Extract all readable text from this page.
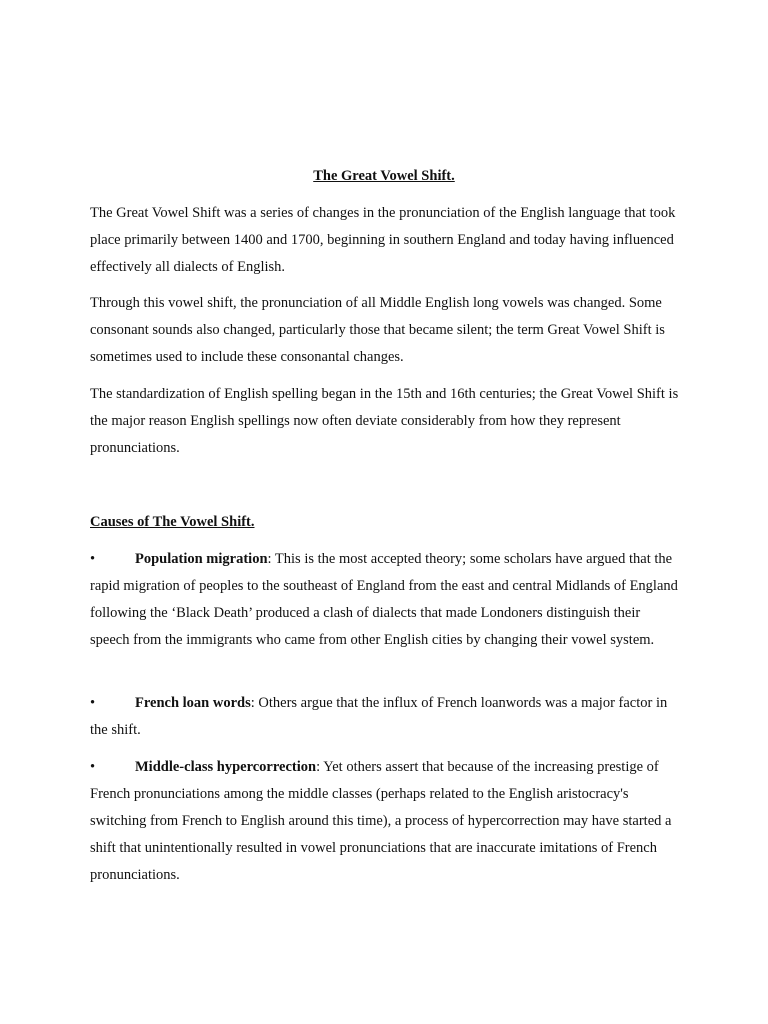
The Great Vowel Shift.

The Great Vowel Shift was a series of changes in the pronunciation of the English language that took place primarily between 1400 and 1700, beginning in southern England and today having influenced effectively all dialects of English.

Through this vowel shift, the pronunciation of all Middle English long vowels was changed. Some consonant sounds also changed, particularly those that became silent; the term Great Vowel Shift is sometimes used to include these consonantal changes.

The standardization of English spelling began in the 15th and 16th centuries; the Great Vowel Shift is the major reason English spellings now often deviate considerably from how they represent pronunciations.

Causes of The Vowel Shift.

•	Population migration: This is the most accepted theory; some scholars have argued that the rapid migration of peoples to the southeast of England from the east and central Midlands of England following the ‘Black Death’ produced a clash of dialects that made Londoners distinguish their speech from the immigrants who came from other English cities by changing their vowel system.

•	French loan words: Others argue that the influx of French loanwords was a major factor in the shift.

•	Middle-class hypercorrection: Yet others assert that because of the increasing prestige of French pronunciations among the middle classes (perhaps related to the English aristocracy's switching from French to English around this time), a process of hypercorrection may have started a shift that unintentionally resulted in vowel pronunciations that are inaccurate imitations of French pronunciations.
